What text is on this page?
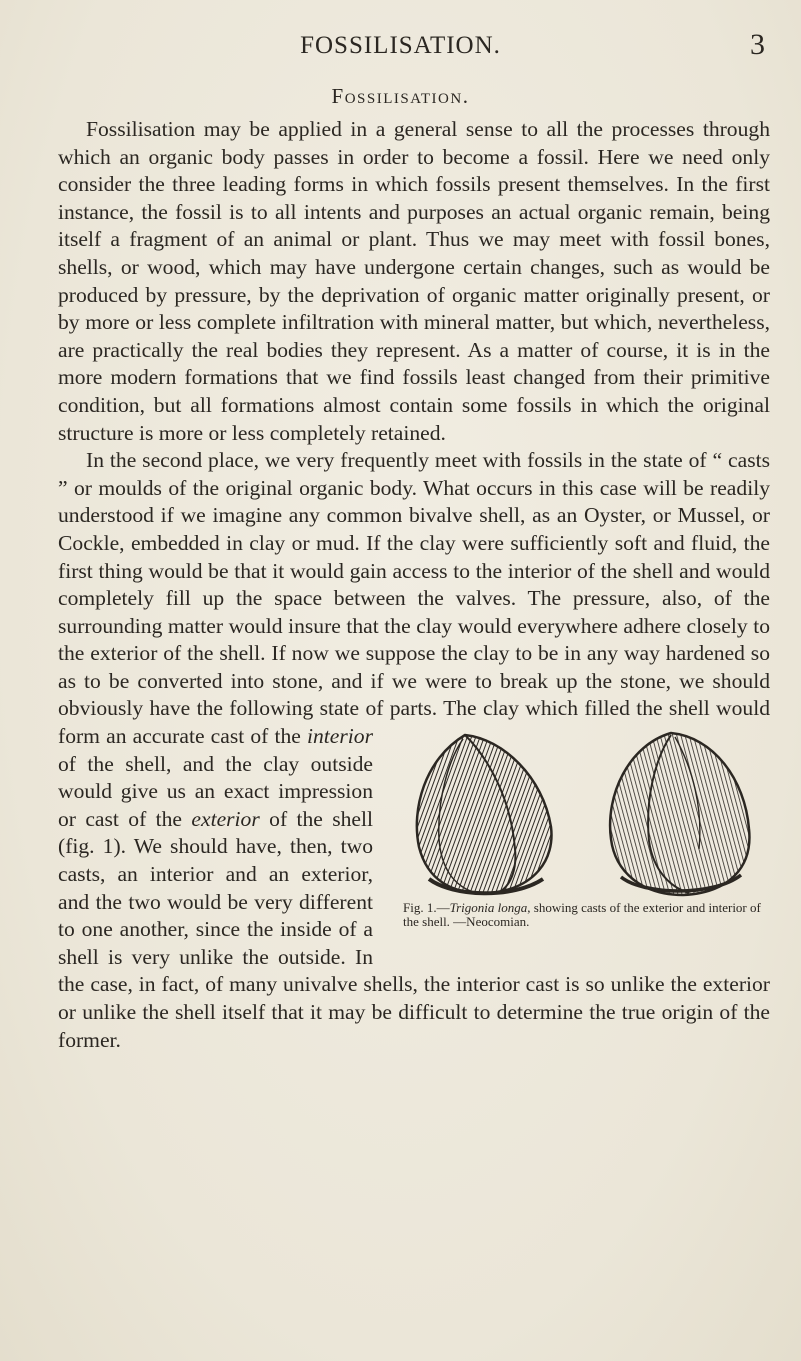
FOSSILISATION.	3
Fossilisation.

Fossilisation may be applied in a general sense to all the processes through which an organic body passes in order to become a fossil. Here we need only consider the three leading forms in which fossils present themselves. In the first instance, the fossil is to all intents and purposes an actual organic remain, being itself a fragment of an animal or plant. Thus we may meet with fossil bones, shells, or wood, which may have undergone certain changes, such as would be produced by pressure, by the deprivation of organic matter originally present, or by more or less complete infiltration with mineral matter, but which, nevertheless, are practically the real bodies they represent. As a matter of course, it is in the more modern formations that we find fossils least changed from their primitive condition, but all formations almost contain some fossils in which the original structure is more or less completely retained.

In the second place, we very frequently meet with fossils in the state of “ casts ” or moulds of the original organic body. What occurs in this case will be readily understood if we imagine any common bivalve shell, as an Oyster, or Mussel, or Cockle, embedded in clay or mud. If the clay were sufficiently soft and fluid, the first thing would be that it would gain access to the interior of the shell and would completely fill up the space between the valves. The pressure, also, of the surrounding matter would insure that the clay would everywhere adhere closely to the exterior of the shell. If now we suppose the clay to be in any way hardened so as to be converted into stone, and if we were to break up the stone, we should obviously have the following state of parts. The clay which filled the shell would form an accurate cast of the
Fig. 1.—Trigonia longa, showing casts of the exterior and interior of the shell. —Neocomian.
interior of the shell, and the clay outside would give us an exact impression or cast of the exterior of the shell (fig. 1). We should have, then, two casts, an interior and an exterior, and the two would be very different to one another, since the inside of a shell is very unlike the outside. In the case, in fact, of many univalve shells, the interior cast is so unlike the exterior or unlike the shell itself that it may be difficult to determine the true origin of the former.
